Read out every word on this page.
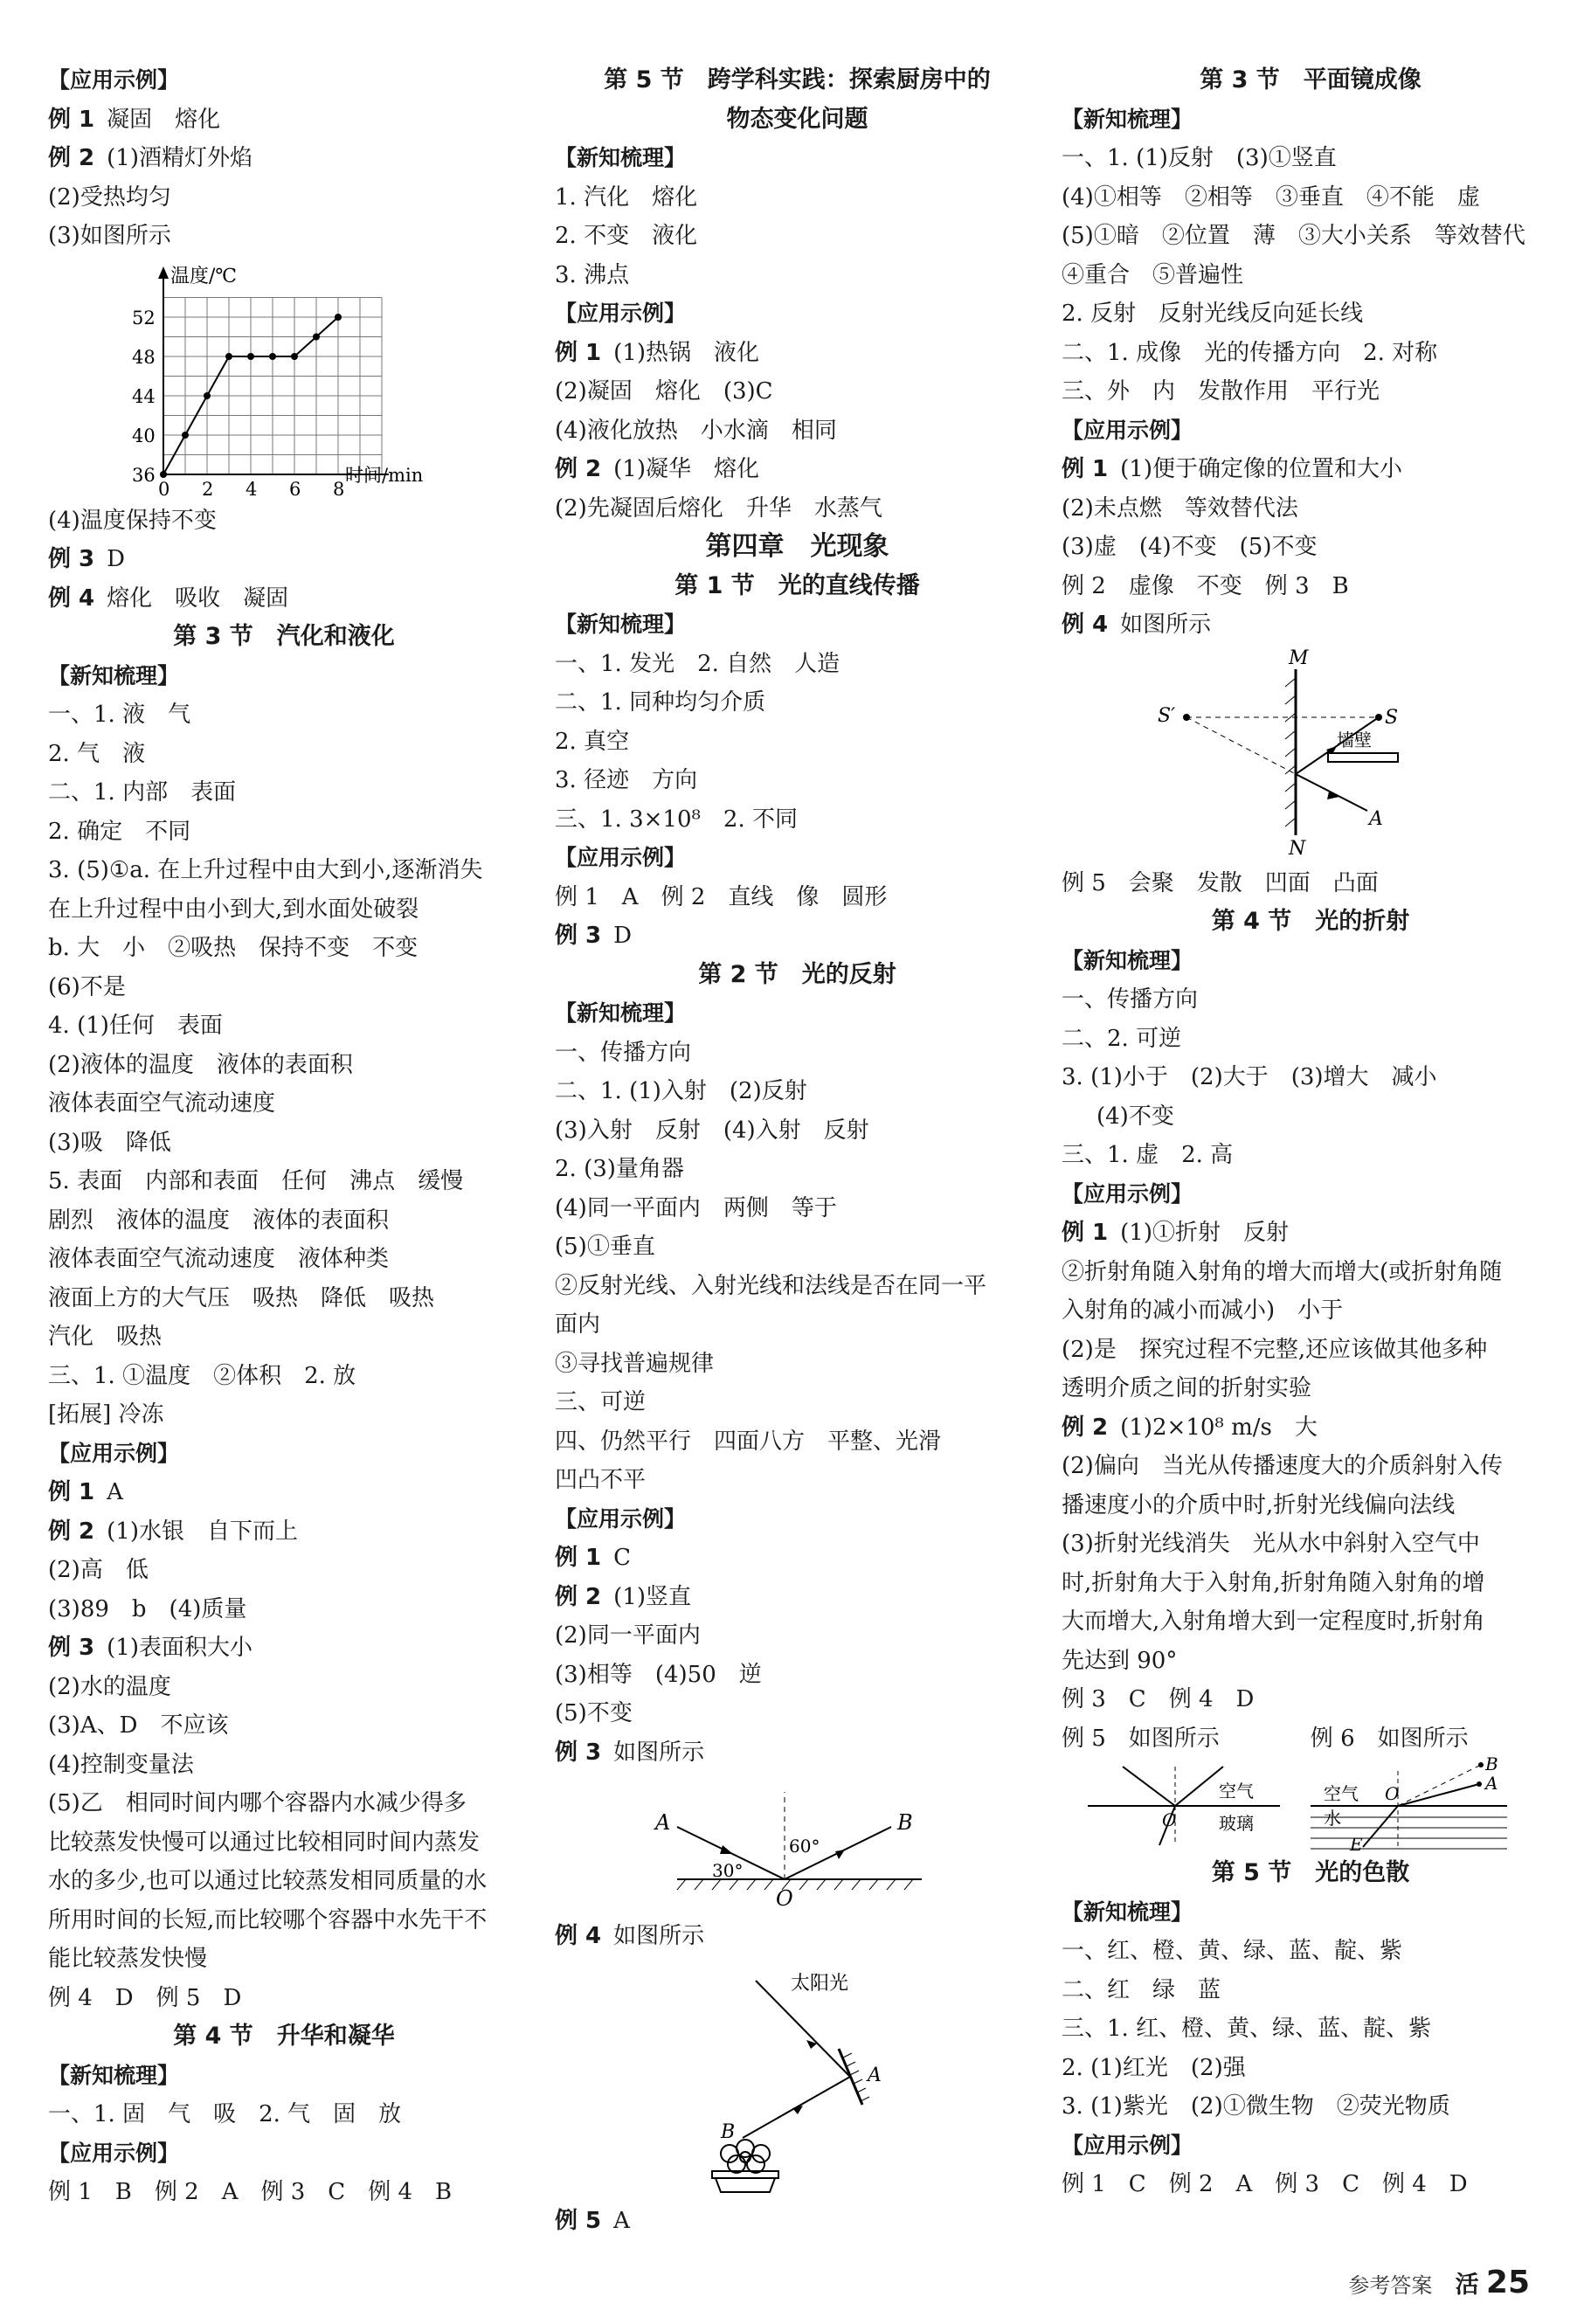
【应用示例】
例 1 凝固　熔化
例 2 (1)酒精灯外焰
(2)受热均匀
(3)如图所示
温度/℃
时间/min
36
40
44
48
52
0 2 4 6 8
(4)温度保持不变
例 3 D
例 4 熔化　吸收　凝固
第 3 节　汽化和液化
【新知梳理】
一、1. 液　气
2. 气　液
二、1. 内部　表面
2. 确定　不同
3. (5)①a. 在上升过程中由大到小,逐渐消失
在上升过程中由小到大,到水面处破裂
b. 大　小　②吸热　保持不变　不变
(6)不是
4. (1)任何　表面
(2)液体的温度　液体的表面积
液体表面空气流动速度
(3)吸　降低
5. 表面　内部和表面　任何　沸点　缓慢
剧烈　液体的温度　液体的表面积
液体表面空气流动速度　液体种类
液面上方的大气压　吸热　降低　吸热
汽化　吸热
三、1. ①温度　②体积　2. 放
[拓展] 冷冻
【应用示例】
例 1 A
例 2 (1)水银　自下而上
(2)高　低
(3)89　b　(4)质量
例 3 (1)表面积大小
(2)水的温度
(3)A、D　不应该
(4)控制变量法
(5)乙　相同时间内哪个容器内水减少得多
比较蒸发快慢可以通过比较相同时间内蒸发
水的多少,也可以通过比较蒸发相同质量的水
所用时间的长短,而比较哪个容器中水先干不
能比较蒸发快慢
例 4　D　例 5　D
第 4 节　升华和凝华
【新知梳理】
一、1. 固　气　吸　2. 气　固　放
【应用示例】
例 1　B　例 2　A　例 3　C　例 4　B
第 5 节　跨学科实践：探索厨房中的
物态变化问题
【新知梳理】
1. 汽化　熔化
2. 不变　液化
3. 沸点
【应用示例】
例 1 (1)热锅　液化
(2)凝固　熔化　(3)C
(4)液化放热　小水滴　相同
例 2 (1)凝华　熔化
(2)先凝固后熔化　升华　水蒸气
第四章　光现象
第 1 节　光的直线传播
【新知梳理】
一、1. 发光　2. 自然　人造
二、1. 同种均匀介质
2. 真空
3. 径迹　方向
三、1. 3×10⁸　2. 不同
【应用示例】
例 1　A　例 2　直线　像　圆形
例 3 D
第 2 节　光的反射
【新知梳理】
一、传播方向
二、1. (1)入射　(2)反射
(3)入射　反射　(4)入射　反射
2. (3)量角器
(4)同一平面内　两侧　等于
(5)①垂直
②反射光线、入射光线和法线是否在同一平
面内
③寻找普遍规律
三、可逆
四、仍然平行　四面八方　平整、光滑
凹凸不平
【应用示例】
例 1 C
例 2 (1)竖直
(2)同一平面内
(3)相等　(4)50　逆
(5)不变
例 3 如图所示
A	B
O
30°
60°
例 4 如图所示
太阳光
A
B
例 5 A
第 3 节　平面镜成像
【新知梳理】
一、1. (1)反射　(3)①竖直
(4)①相等　②相等　③垂直　④不能　虚
(5)①暗　②位置　薄　③大小关系　等效替代
④重合　⑤普遍性
2. 反射　反射光线反向延长线
二、1. 成像　光的传播方向　2. 对称
三、外　内　发散作用　平行光
【应用示例】
例 1 (1)便于确定像的位置和大小
(2)未点燃　等效替代法
(3)虚　(4)不变　(5)不变
例 2　虚像　不变　例 3　B
例 4 如图所示
M
N
S′	S
A
墙壁
例 5　会聚　发散　凹面　凸面
第 4 节　光的折射
【新知梳理】
一、传播方向
二、2. 可逆
3. (1)小于　(2)大于　(3)增大　减小
(4)不变
三、1. 虚　2. 高
【应用示例】
例 1 (1)①折射　反射
②折射角随入射角的增大而增大(或折射角随
入射角的减小而减小)　小于
(2)是　探究过程不完整,还应该做其他多种
透明介质之间的折射实验
例 2 (1)2×10⁸ m/s　大
(2)偏向　当光从传播速度大的介质斜射入传
播速度小的介质中时,折射光线偏向法线
(3)折射光线消失　光从水中斜射入空气中
时,折射角大于入射角,折射角随入射角的增
大而增大,入射角增大到一定程度时,折射角
先达到 90°
例 3　C　例 4　D
例 5　如图所示　　　　例 6　如图所示
O
空气
玻璃
B
A
O
E
空气
水
第 5 节　光的色散
【新知梳理】
一、红、橙、黄、绿、蓝、靛、紫
二、红　绿　蓝
三、1. 红、橙、黄、绿、蓝、靛、紫
2. (1)红光　(2)强
3. (1)紫光　(2)①微生物　②荧光物质
【应用示例】
例 1　C　例 2　A　例 3　C　例 4　D
参考答案 活 25
